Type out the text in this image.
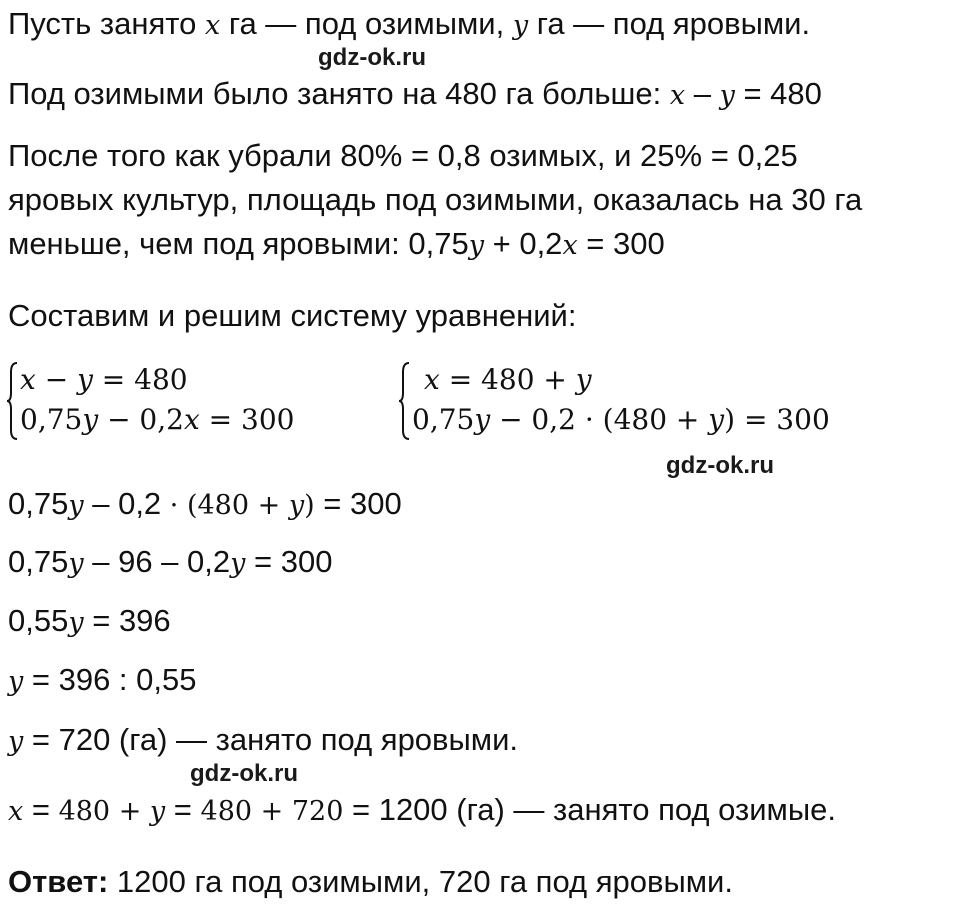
Пусть занято x га — под озимыми, y га — под яровыми.
gdz-ok.ru
Под озимыми было занято на 480 га больше: x – y = 480
После того как убрали 80% = 0,8 озимых, и 25% = 0,25
яровых культур, площадь под озимыми, оказалась на 30 га
меньше, чем под яровыми: 0,75y + 0,2x = 300
Составим и решим систему уравнений:
x − y = 480
0,75y − 0,2x = 300
x = 480 + y
0,75y − 0,2 · (480 + y) = 300
gdz-ok.ru
0,75y – 0,2 · (480 + y) = 300
0,75y – 96 – 0,2y = 300
0,55y = 396
y = 396 : 0,55
y = 720 (га) — занято под яровыми.
gdz-ok.ru
x = 480 + y = 480 + 720 = 1200 (га) — занято под озимые.
Ответ: 1200 га под озимыми, 720 га под яровыми.
